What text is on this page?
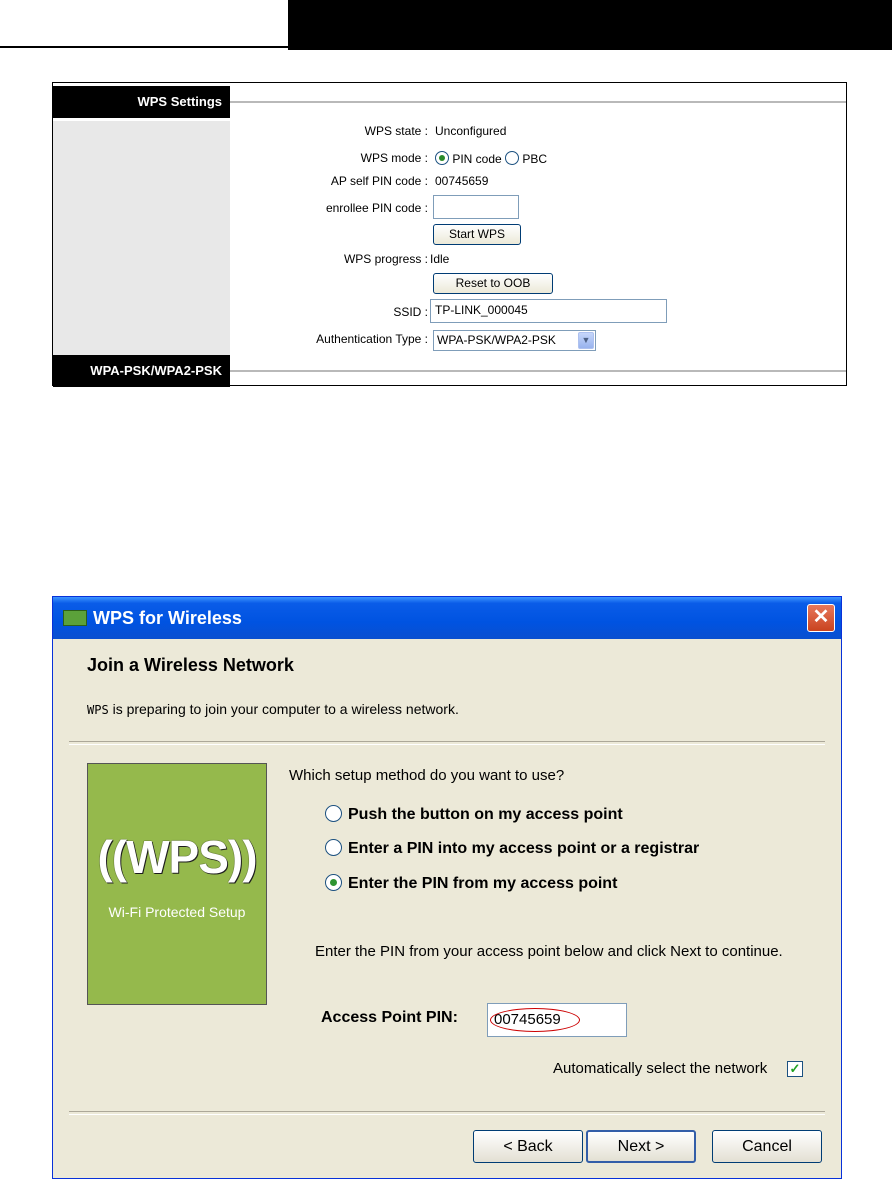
WPS Settings
WPS state : Unconfigured
WPS mode :	PIN code PBC
AP self PIN code : 00745659
enrollee PIN code :
Start WPS
WPS progress : Idle
Reset to OOB
SSID : TP-LINK_000045
Authentication Type : WPA-PSK/WPA2-PSK	▼
WPA-PSK/WPA2-PSK
WPS for Wireless	✕
Join a Wireless Network
WPS is preparing to join your computer to a wireless network.
((WPS))
Wi-Fi Protected Setup
Which setup method do you want to use?
Push the button on my access point
Enter a PIN into my access point or a registrar
Enter the PIN from my access point
Enter the PIN from your access point below and click Next to continue.
Access Point PIN:	00745659
Automatically select the network ✓
< Back	Next >	Cancel
